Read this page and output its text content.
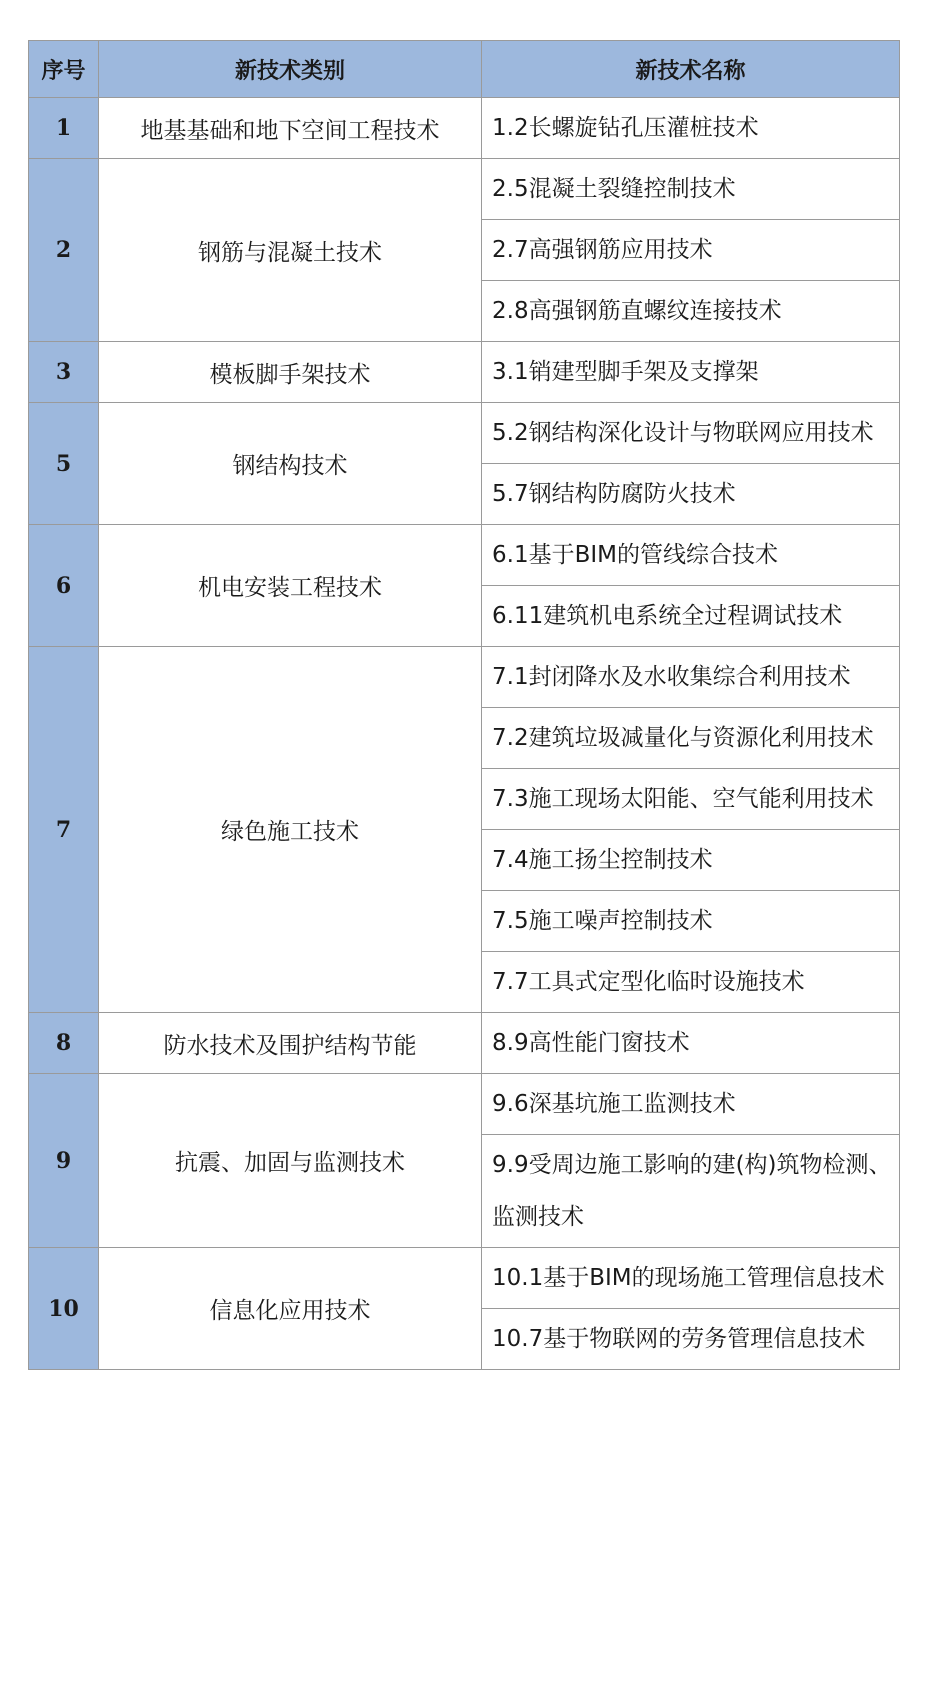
序号	新技术类别	新技术名称
1	地基基础和地下空间工程技术	1.2长螺旋钻孔压灌桩技术
2	钢筋与混凝土技术	2.5混凝土裂缝控制技术
		2.7高强钢筋应用技术
		2.8高强钢筋直螺纹连接技术
3	模板脚手架技术	3.1销建型脚手架及支撑架
5	钢结构技术	5.2钢结构深化设计与物联网应用技术
		5.7钢结构防腐防火技术
6	机电安装工程技术	6.1基于BIM的管线综合技术
		6.11建筑机电系统全过程调试技术
7	绿色施工技术	7.1封闭降水及水收集综合利用技术
		7.2建筑垃圾减量化与资源化利用技术
		7.3施工现场太阳能、空气能利用技术
		7.4施工扬尘控制技术
		7.5施工噪声控制技术
		7.7工具式定型化临时设施技术
8	防水技术及围护结构节能	8.9高性能门窗技术
9	抗震、加固与监测技术	9.6深基坑施工监测技术
		9.9受周边施工影响的建(构)筑物检测、监测技术
10	信息化应用技术	10.1基于BIM的现场施工管理信息技术
		10.7基于物联网的劳务管理信息技术
